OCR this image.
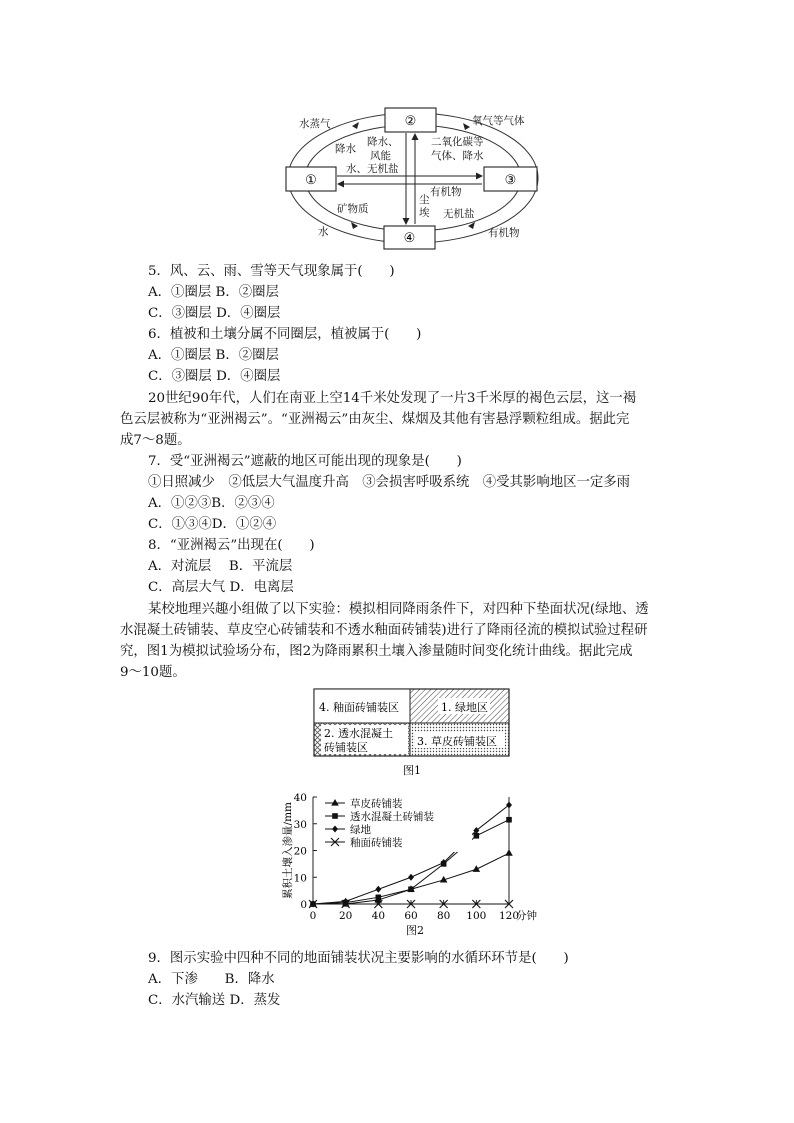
②
①	③
④
水蒸气	氧气等气体
降水
降水、
风能
水、无机盐
二氧化碳等
气体、降水
有机物
矿物质
尘
埃 无机盐
水	有机物
5．风、云、雨、雪等天气现象属于(　　)
A．①圈层 B．②圈层
C．③圈层 D．④圈层
6．植被和土壤分属不同圈层，植被属于(　　)
A．①圈层 B．②圈层
C．③圈层 D．④圈层
20世纪90年代，人们在南亚上空14千米处发现了一片3千米厚的褐色云层，这一褐
色云层被称为“亚洲褐云”。“亚洲褐云”由灰尘、煤烟及其他有害悬浮颗粒组成。据此完
成7～8题。
7．受“亚洲褐云”遮蔽的地区可能出现的现象是(　　)
①日照减少　②低层大气温度升高　③会损害呼吸系统　④受其影响地区一定多雨
A．①②③B．②③④
C．①③④D．①②④
8．“亚洲褐云”出现在(　　)
A．对流层　 B．平流层
C．高层大气 D．电离层
某校地理兴趣小组做了以下实验：模拟相同降雨条件下，对四种下垫面状况(绿地、透
水混凝土砖铺装、草皮空心砖铺装和不透水釉面砖铺装)进行了降雨径流的模拟试验过程研
究，图1为模拟试验场分布，图2为降雨累积土壤入渗量随时间变化统计曲线。据此完成
9～10题。
1. 绿地区
4. 釉面砖铺装区
2. 透水混凝土
砖铺装区	3. 草皮砖铺装区
图1
0
10
20
30
40
0 20 40 60 80 100 120
分钟
累积土壤入渗量/mm	草皮砖铺装
透水混凝土砖铺装
绿地
釉面砖铺装
图2
9．图示实验中四种不同的地面铺装状况主要影响的水循环环节是(　　)
A．下渗　　B．降水
C．水汽输送 D．蒸发
